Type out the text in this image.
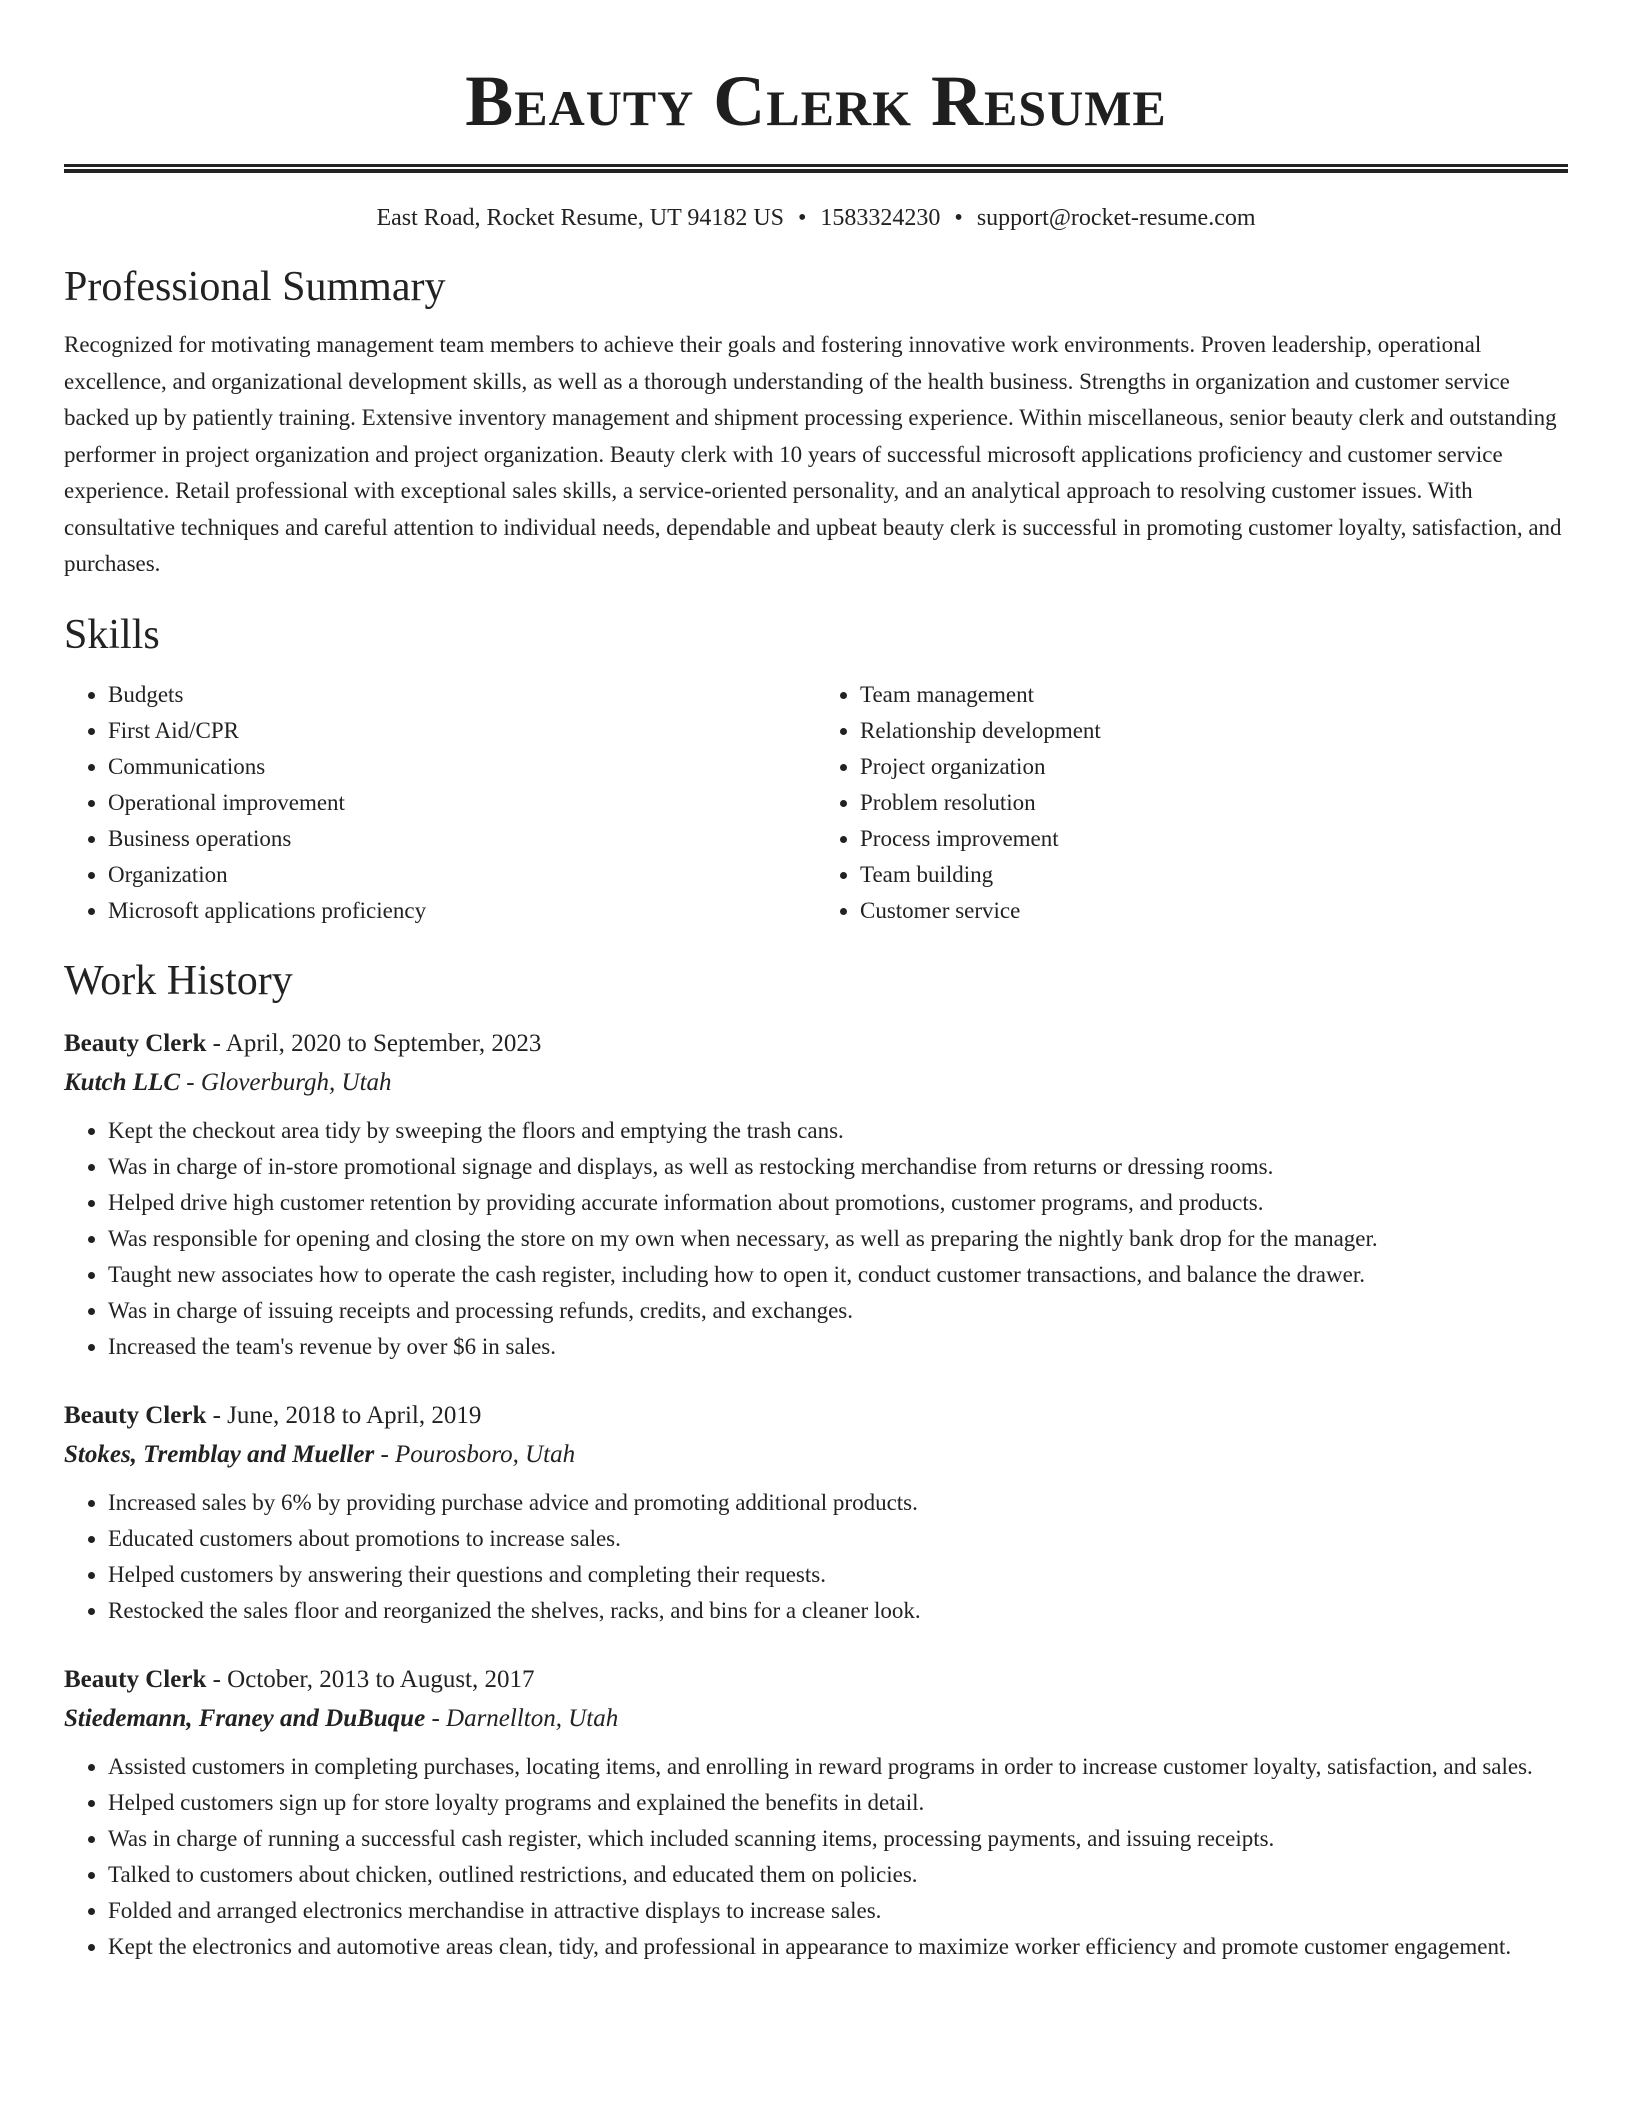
Beauty Clerk Resume
East Road, Rocket Resume, UT 94182 US • 1583324230 • support@rocket-resume.com
Professional Summary

Recognized for motivating management team members to achieve their goals and fostering innovative work environments. Proven leadership, operational excellence, and organizational development skills, as well as a thorough understanding of the health business. Strengths in organization and customer service backed up by patiently training. Extensive inventory management and shipment processing experience. Within miscellaneous, senior beauty clerk and outstanding performer in project organization and project organization. Beauty clerk with 10 years of successful microsoft applications proficiency and customer service experience. Retail professional with exceptional sales skills, a service-oriented personality, and an analytical approach to resolving customer issues. With consultative techniques and careful attention to individual needs, dependable and upbeat beauty clerk is successful in promoting customer loyalty, satisfaction, and purchases.

Skills
• Budgets
• First Aid/CPR
• Communications
• Operational improvement
• Business operations
• Organization
• Microsoft applications proficiency
• Team management
• Relationship development
• Project organization
• Problem resolution
• Process improvement
• Team building
• Customer service
Work History
Beauty Clerk - April, 2020 to September, 2023
Kutch LLC - Gloverburgh, Utah
• Kept the checkout area tidy by sweeping the floors and emptying the trash cans.
• Was in charge of in-store promotional signage and displays, as well as restocking merchandise from returns or dressing rooms.
• Helped drive high customer retention by providing accurate information about promotions, customer programs, and products.
• Was responsible for opening and closing the store on my own when necessary, as well as preparing the nightly bank drop for the manager.
• Taught new associates how to operate the cash register, including how to open it, conduct customer transactions, and balance the drawer.
• Was in charge of issuing receipts and processing refunds, credits, and exchanges.
• Increased the team's revenue by over $6 in sales.
Beauty Clerk - June, 2018 to April, 2019
Stokes, Tremblay and Mueller - Pourosboro, Utah
• Increased sales by 6% by providing purchase advice and promoting additional products.
• Educated customers about promotions to increase sales.
• Helped customers by answering their questions and completing their requests.
• Restocked the sales floor and reorganized the shelves, racks, and bins for a cleaner look.
Beauty Clerk - October, 2013 to August, 2017
Stiedemann, Franey and DuBuque - Darnellton, Utah
• Assisted customers in completing purchases, locating items, and enrolling in reward programs in order to increase customer loyalty, satisfaction, and sales.
• Helped customers sign up for store loyalty programs and explained the benefits in detail.
• Was in charge of running a successful cash register, which included scanning items, processing payments, and issuing receipts.
• Talked to customers about chicken, outlined restrictions, and educated them on policies.
• Folded and arranged electronics merchandise in attractive displays to increase sales.
• Kept the electronics and automotive areas clean, tidy, and professional in appearance to maximize worker efficiency and promote customer engagement.
